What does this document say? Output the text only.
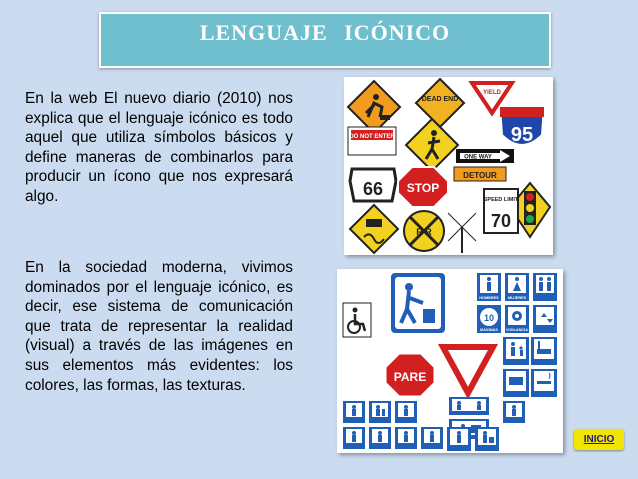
LENGUAJE ICÓNICO

En la web El nuevo diario (2010) nos explica que el lenguaje icónico es todo aquel que utiliza símbolos básicos y define maneras de combinarlos para producir un ícono que nos expresará algo.

En la sociedad moderna, vivimos dominados por el lenguaje icónico, es decir, ese sistema de comunicación que trata de representar la realidad (visual) a través de las imágenes en sus elementos más evidentes: los colores, las formas, las texturas.

DEAD END
YIELD
DO NOT ENTER	95
ONE WAY
66 STOP
DETOUR
R R
SPEED LIMIT
70
PARE
HOMBRES MUJERES
10
MÁXIMAS VIGILANCIA
INICIO
